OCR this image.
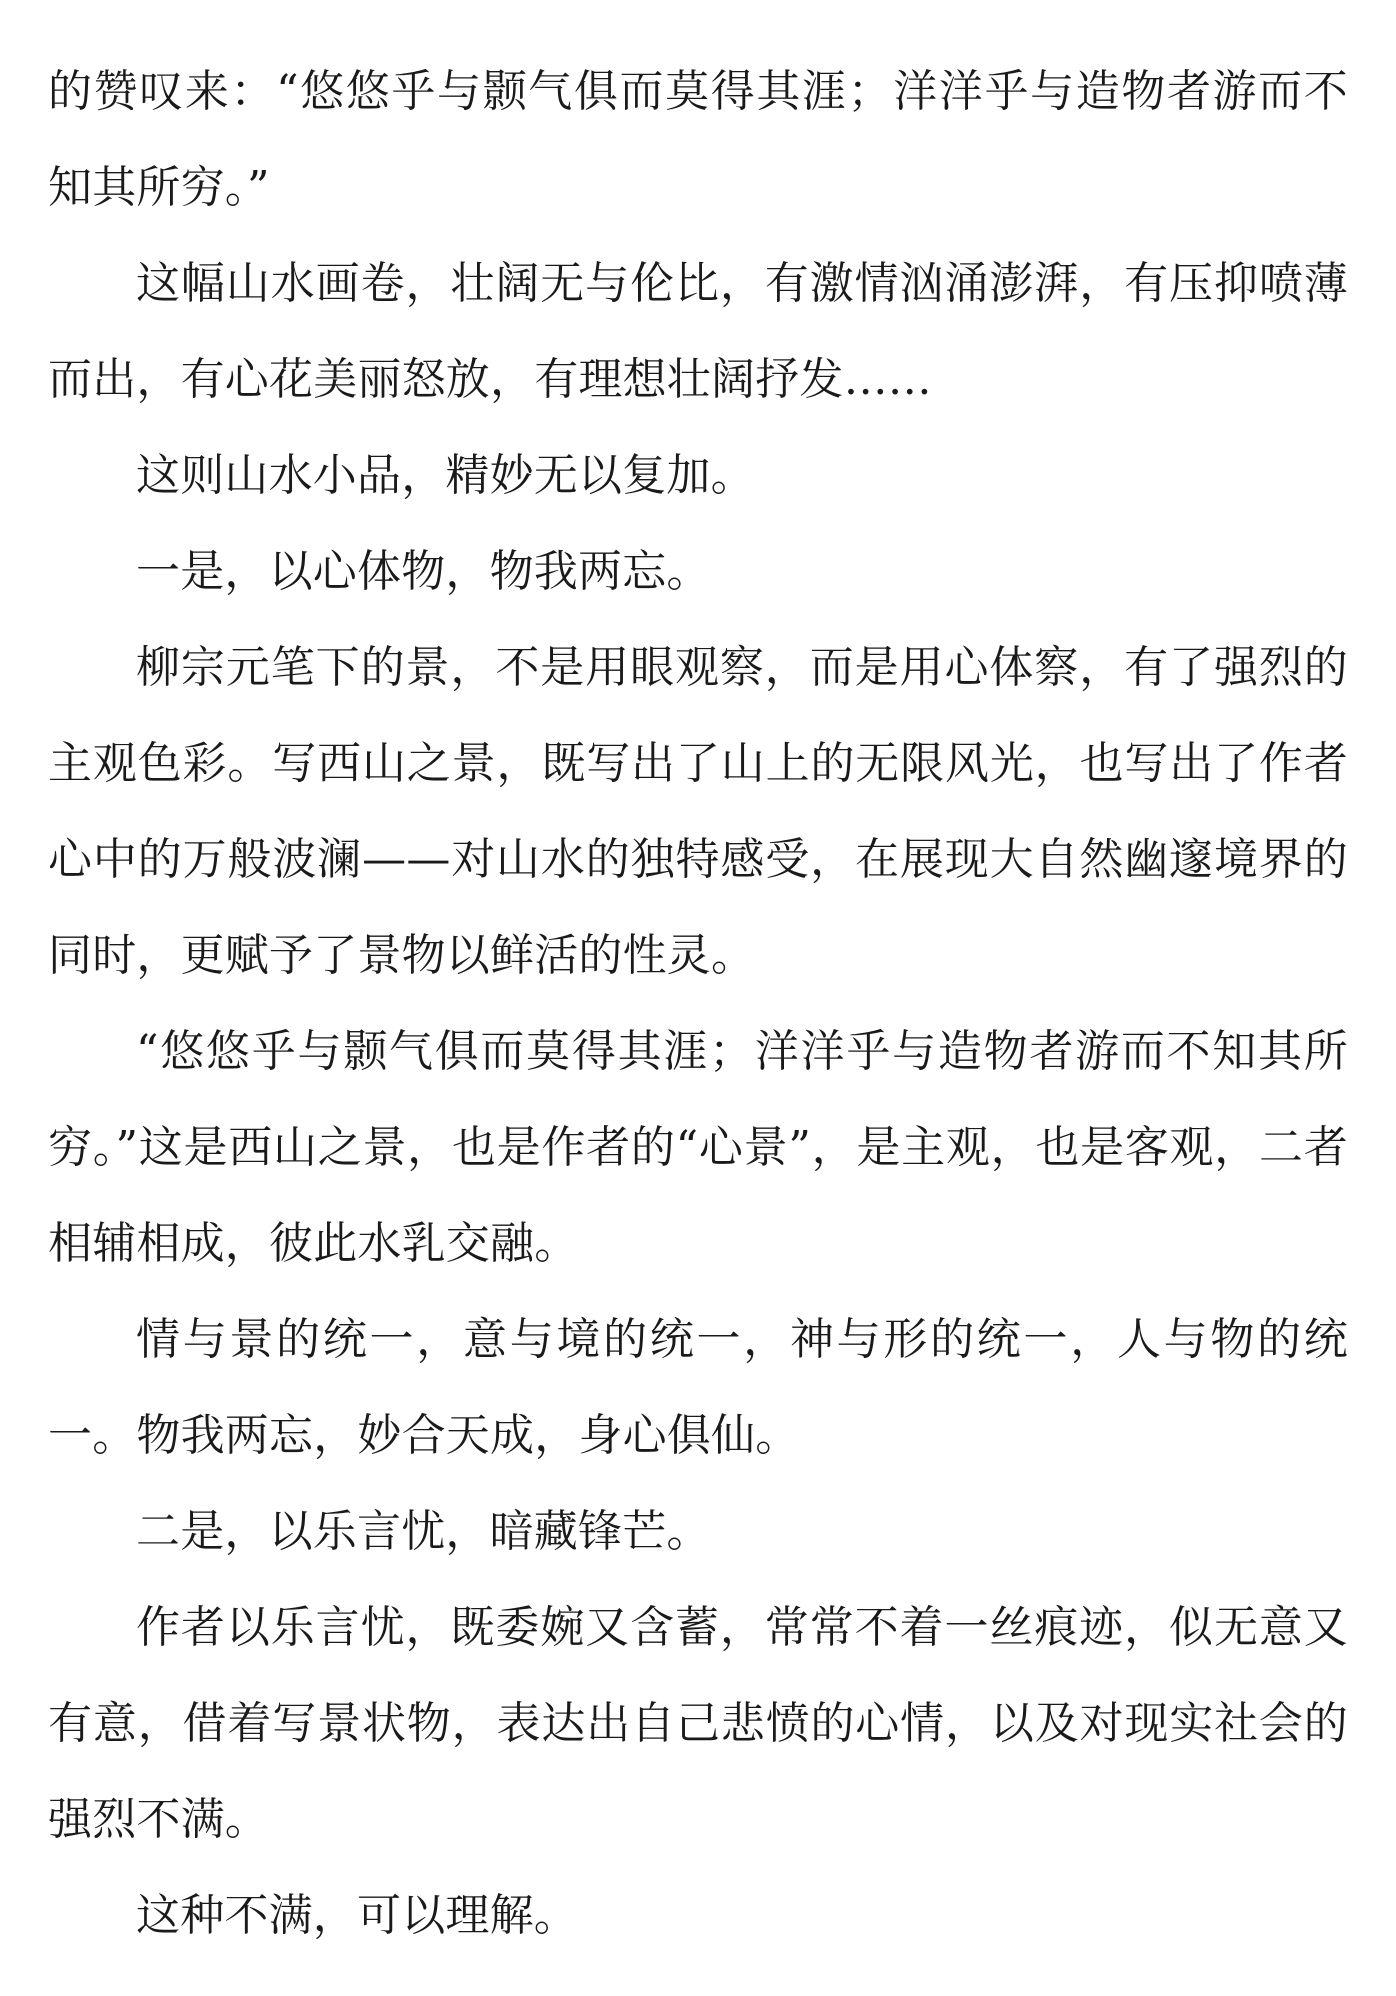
的赞叹来：“悠悠乎与颢气俱而莫得其涯；洋洋乎与造物者游而不知其所穷。”

这幅山水画卷，壮阔无与伦比，有激情汹涌澎湃，有压抑喷薄而出，有心花美丽怒放，有理想壮阔抒发……

这则山水小品，精妙无以复加。

一是，以心体物，物我两忘。

柳宗元笔下的景，不是用眼观察，而是用心体察，有了强烈的主观色彩。写西山之景，既写出了山上的无限风光，也写出了作者心中的万般波澜——对山水的独特感受，在展现大自然幽邃境界的同时，更赋予了景物以鲜活的性灵。

“悠悠乎与颢气俱而莫得其涯；洋洋乎与造物者游而不知其所穷。”这是西山之景，也是作者的“心景”，是主观，也是客观，二者相辅相成，彼此水乳交融。

情与景的统一，意与境的统一，神与形的统一，人与物的统一。物我两忘，妙合天成，身心俱仙。

二是，以乐言忧，暗藏锋芒。

作者以乐言忧，既委婉又含蓄，常常不着一丝痕迹，似无意又有意，借着写景状物，表达出自己悲愤的心情，以及对现实社会的强烈不满。

这种不满，可以理解。
